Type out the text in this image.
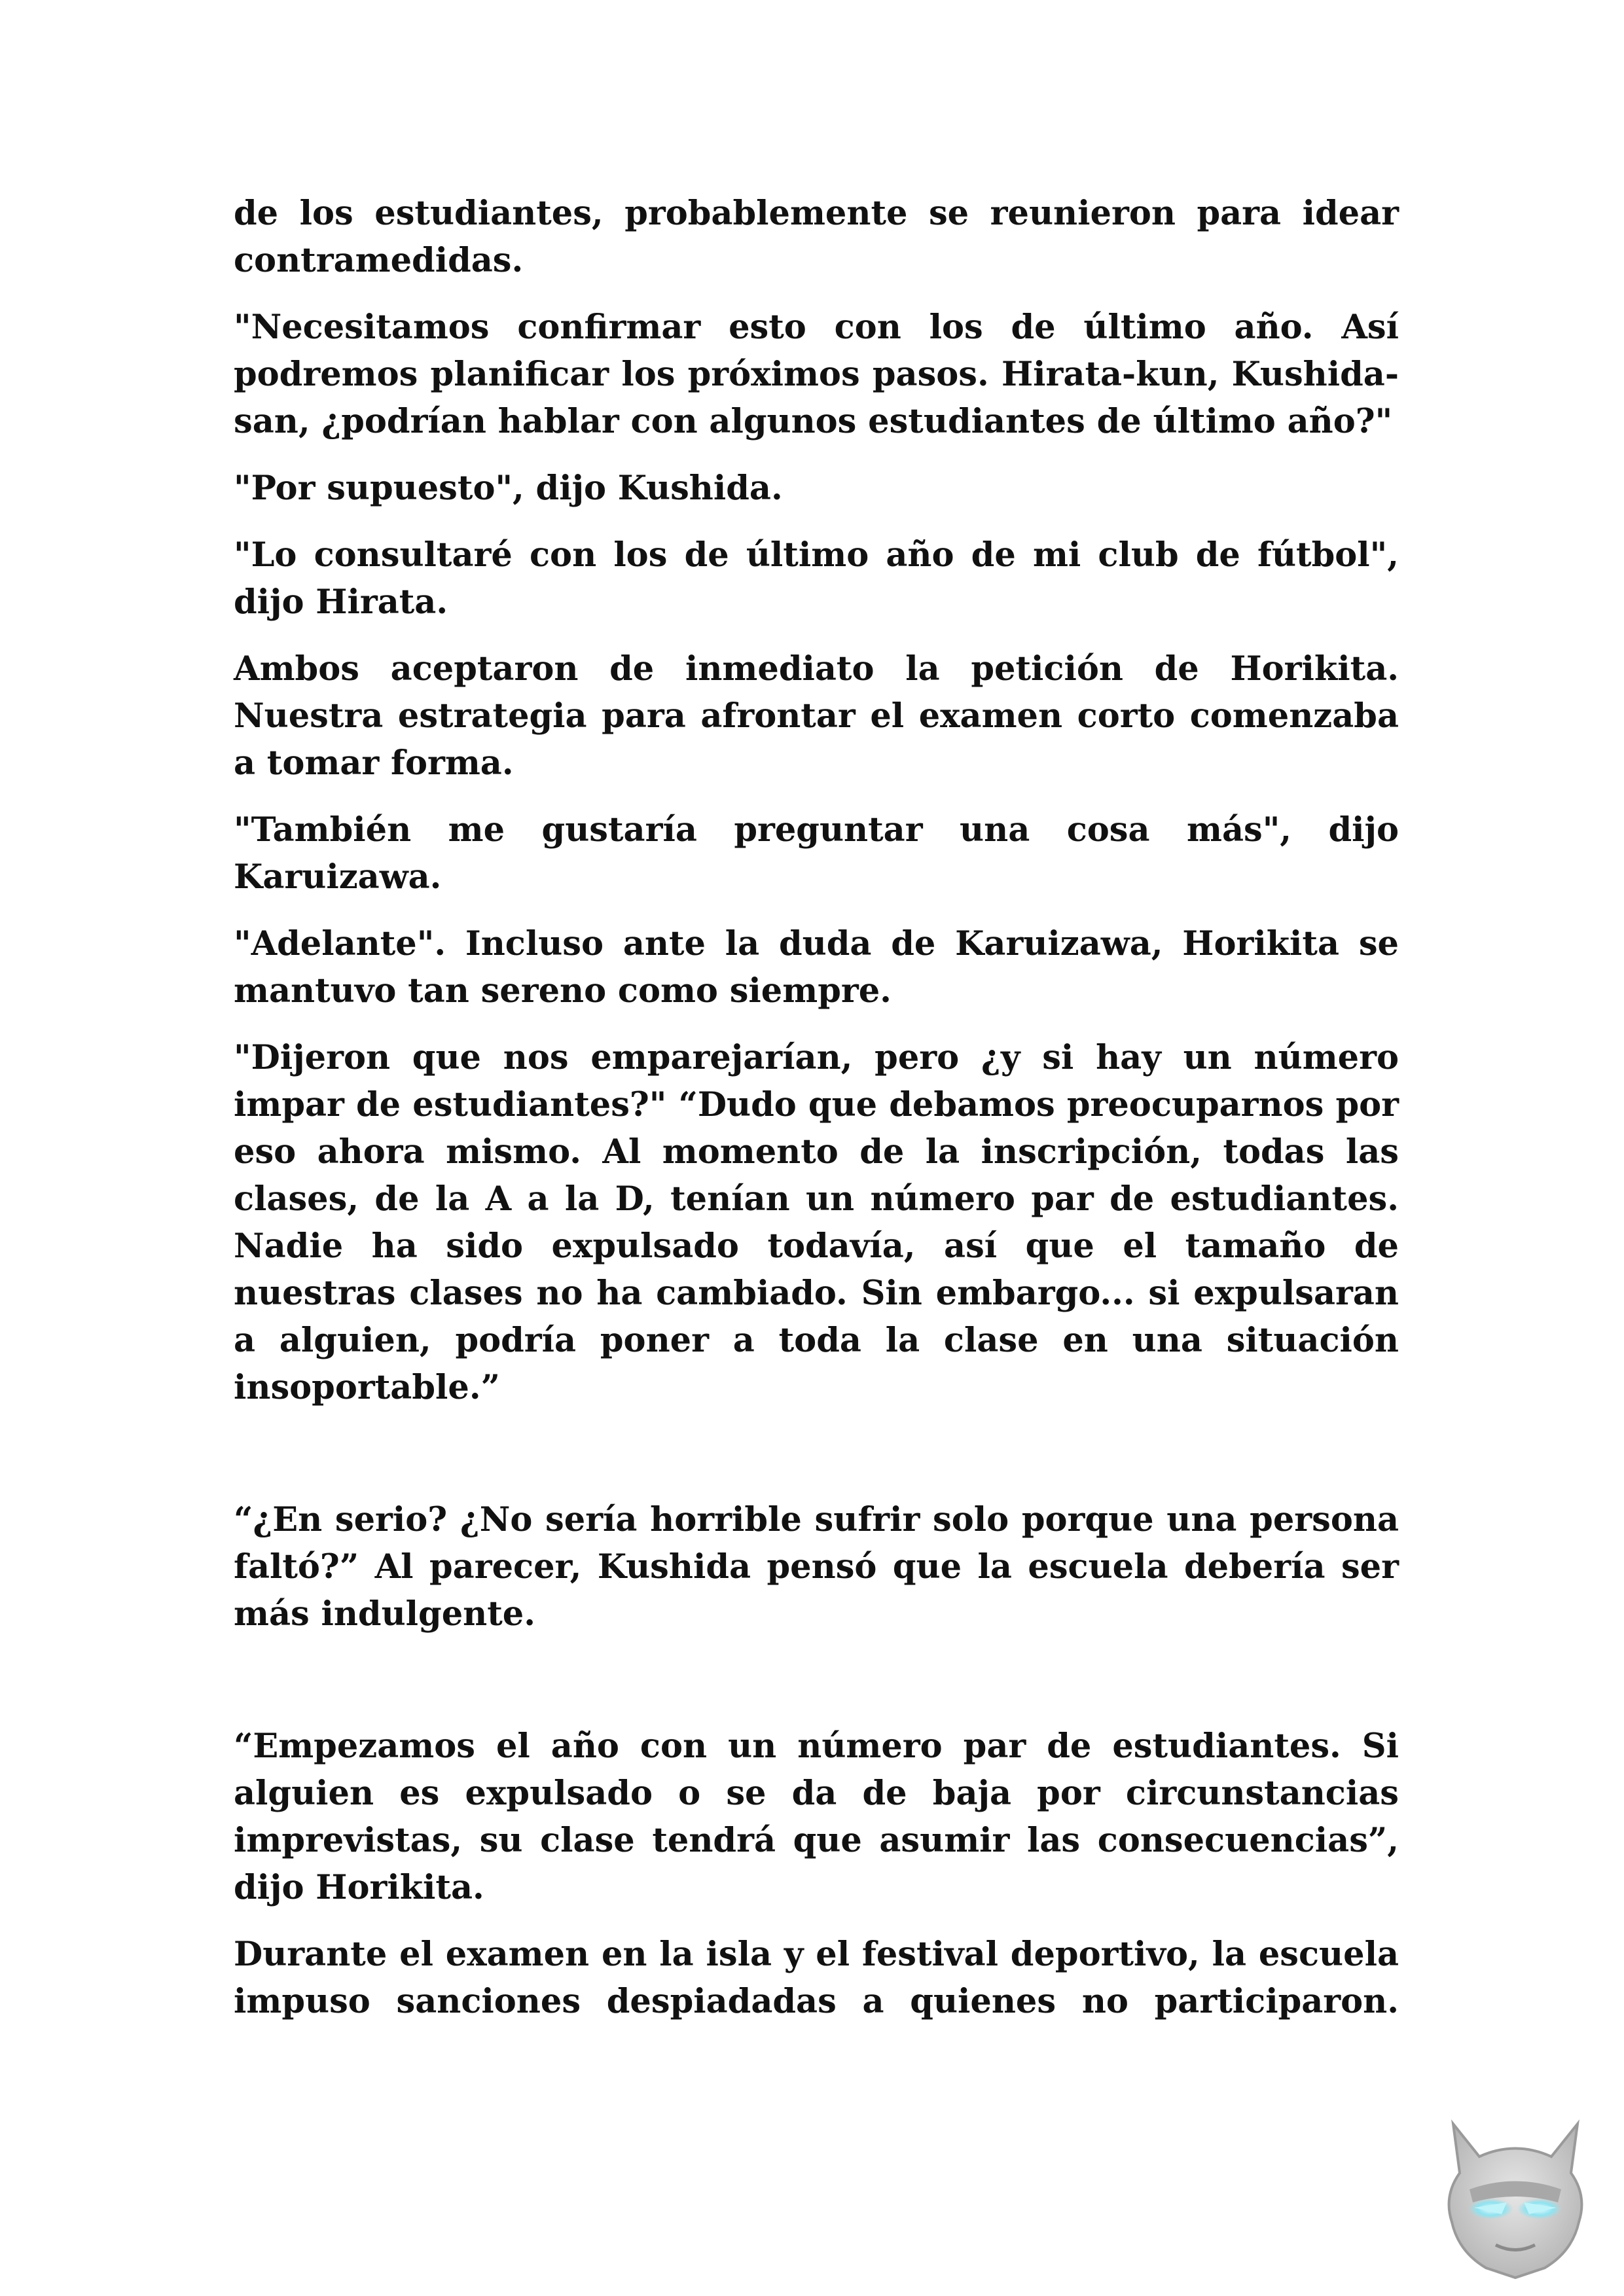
de los estudiantes, probablemente se reunieron para idear contramedidas.

"Necesitamos confirmar esto con los de último año. Así podremos planificar los próximos pasos. Hirata-kun, Kushida-san, ¿podrían hablar con algunos estudiantes de último año?"

"Por supuesto", dijo Kushida.

"Lo consultaré con los de último año de mi club de fútbol", dijo Hirata.

Ambos aceptaron de inmediato la petición de Horikita. Nuestra estrategia para afrontar el examen corto comenzaba a tomar forma.

"También me gustaría preguntar una cosa más", dijo Karuizawa.

"Adelante". Incluso ante la duda de Karuizawa, Horikita se mantuvo tan sereno como siempre.

"Dijeron que nos emparejarían, pero ¿y si hay un número impar de estudiantes?" “Dudo que debamos preocuparnos por eso ahora mismo. Al momento de la inscripción, todas las clases, de la A a la D, tenían un número par de estudiantes. Nadie ha sido expulsado todavía, así que el tamaño de nuestras clases no ha cambiado. Sin embargo... si expulsaran a alguien, podría poner a toda la clase en una situación insoportable.”

“¿En serio? ¿No sería horrible sufrir solo porque una persona faltó?” Al parecer, Kushida pensó que la escuela debería ser más indulgente.

“Empezamos el año con un número par de estudiantes. Si alguien es expulsado o se da de baja por circunstancias imprevistas, su clase tendrá que asumir las consecuencias”, dijo Horikita.

Durante el examen en la isla y el festival deportivo, la escuela impuso sanciones despiadadas a quienes no participaron.
